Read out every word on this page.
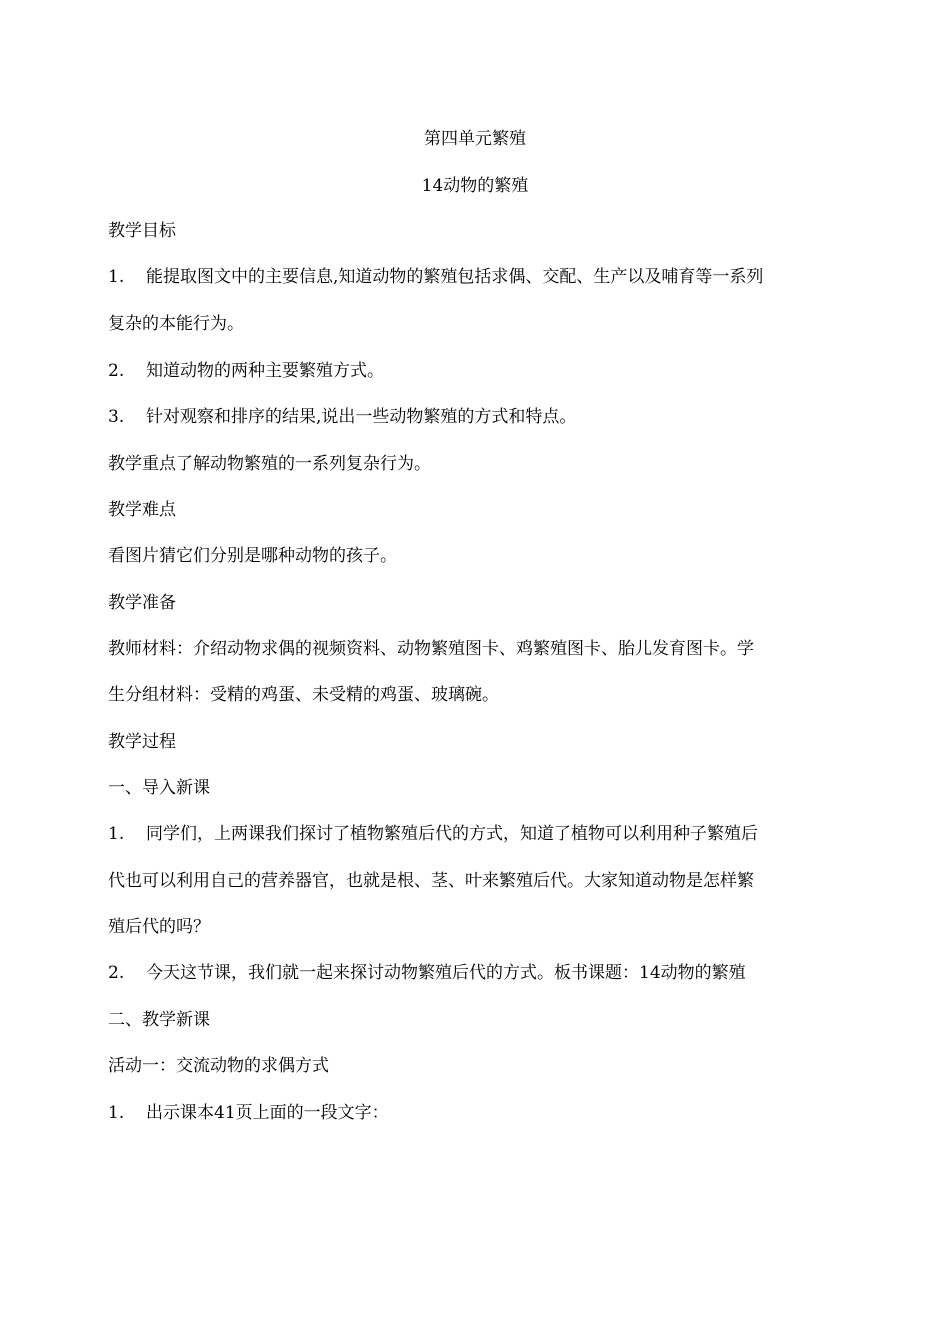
第四单元繁殖
14动物的繁殖
教学目标
1. 能提取图文中的主要信息,知道动物的繁殖包括求偶、交配、生产以及哺育等一系列
复杂的本能行为。
2. 知道动物的两种主要繁殖方式。
3. 针对观察和排序的结果,说出一些动物繁殖的方式和特点。
教学重点了解动物繁殖的一系列复杂行为。
教学难点
看图片猜它们分别是哪种动物的孩子。
教学准备
教师材料：介绍动物求偶的视频资料、动物繁殖图卡、鸡繁殖图卡、胎儿发育图卡。学
生分组材料：受精的鸡蛋、未受精的鸡蛋、玻璃碗。
教学过程
一、导入新课
1. 同学们，上两课我们探讨了植物繁殖后代的方式，知道了植物可以利用种子繁殖后
代也可以利用自己的营养器官，也就是根、茎、叶来繁殖后代。大家知道动物是怎样繁
殖后代的吗？
2. 今天这节课，我们就一起来探讨动物繁殖后代的方式。板书课题：14动物的繁殖
二、教学新课
活动一：交流动物的求偶方式
1. 出示课本41页上面的一段文字：
